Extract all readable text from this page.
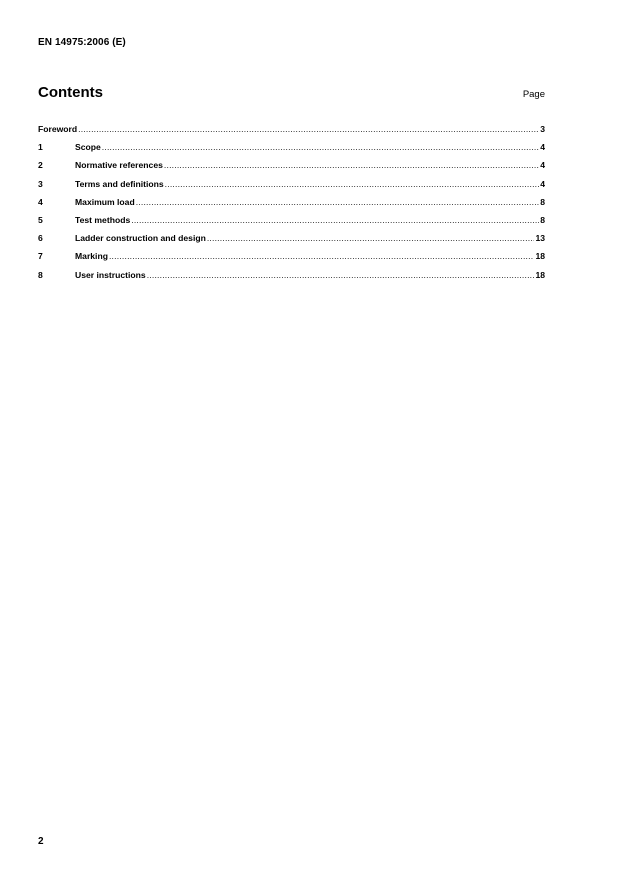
EN 14975:2006 (E)
Contents	Page
Foreword .....	3
1	Scope .....	4
2	Normative references .....	4
3	Terms and definitions .....	4
4	Maximum load .....	8
5	Test methods .....	8
6	Ladder construction and design .....	13
7	Marking .....	18
8	User instructions .....	18
2
